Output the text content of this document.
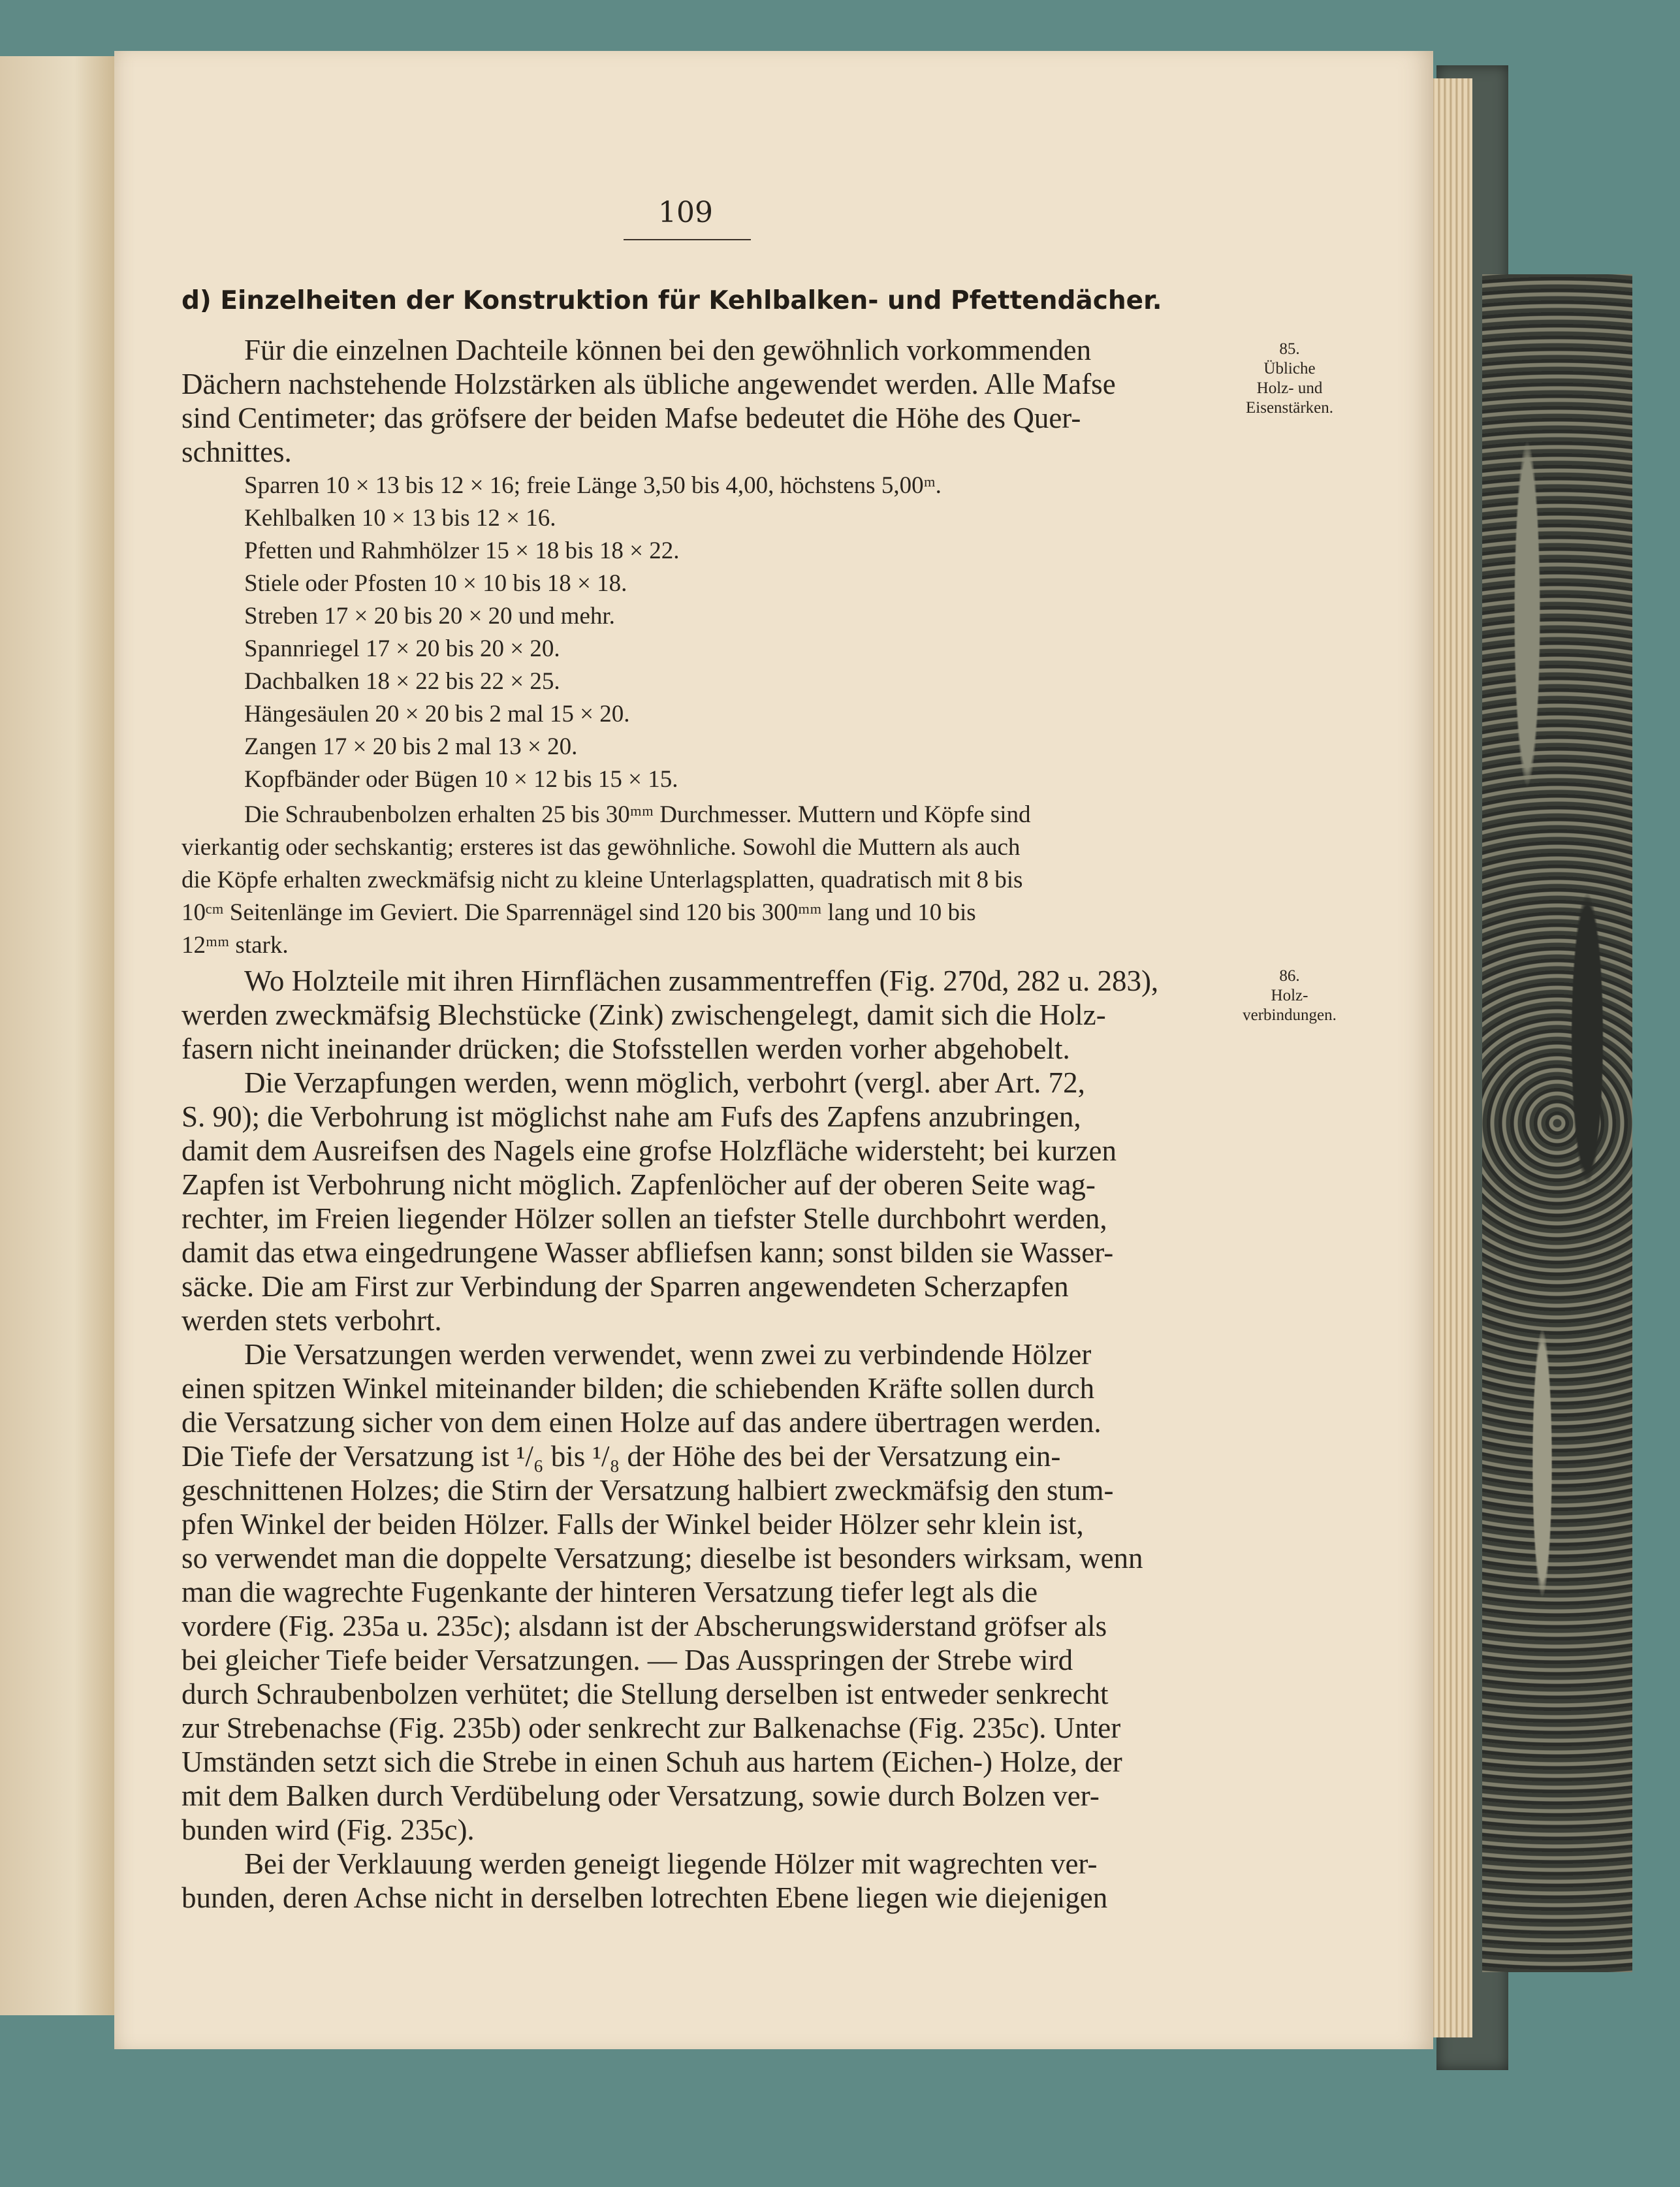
109
d) Einzelheiten der Konstruktion für Kehlbalken- und Pfettendächer.
85.
Übliche
Holz- und
Eisenstärken.
86.
Holz-
verbindungen.
Für die einzelnen Dachteile können bei den gewöhnlich vorkommenden
Dächern nachstehende Holzstärken als übliche angewendet werden. Alle Mafse
sind Centimeter; das gröfsere der beiden Mafse bedeutet die Höhe des Quer-
schnittes.
Sparren 10 × 13 bis 12 × 16; freie Länge 3,50 bis 4,00, höchstens 5,00ᵐ.
Kehlbalken 10 × 13 bis 12 × 16.
Pfetten und Rahmhölzer 15 × 18 bis 18 × 22.
Stiele oder Pfosten 10 × 10 bis 18 × 18.
Streben 17 × 20 bis 20 × 20 und mehr.
Spannriegel 17 × 20 bis 20 × 20.
Dachbalken 18 × 22 bis 22 × 25.
Hängesäulen 20 × 20 bis 2 mal 15 × 20.
Zangen 17 × 20 bis 2 mal 13 × 20.
Kopfbänder oder Bügen 10 × 12 bis 15 × 15.
Die Schraubenbolzen erhalten 25 bis 30ᵐᵐ Durchmesser. Muttern und Köpfe sind
vierkantig oder sechskantig; ersteres ist das gewöhnliche. Sowohl die Muttern als auch
die Köpfe erhalten zweckmäfsig nicht zu kleine Unterlagsplatten, quadratisch mit 8 bis
10ᶜᵐ Seitenlänge im Geviert. Die Sparrennägel sind 120 bis 300ᵐᵐ lang und 10 bis
12ᵐᵐ stark.
Wo Holzteile mit ihren Hirnflächen zusammentreffen (Fig. 270d, 282 u. 283),
werden zweckmäfsig Blechstücke (Zink) zwischengelegt, damit sich die Holz-
fasern nicht ineinander drücken; die Stofsstellen werden vorher abgehobelt.
Die Verzapfungen werden, wenn möglich, verbohrt (vergl. aber Art. 72,
S. 90); die Verbohrung ist möglichst nahe am Fufs des Zapfens anzubringen,
damit dem Ausreifsen des Nagels eine grofse Holzfläche widersteht; bei kurzen
Zapfen ist Verbohrung nicht möglich. Zapfenlöcher auf der oberen Seite wag-
rechter, im Freien liegender Hölzer sollen an tiefster Stelle durchbohrt werden,
damit das etwa eingedrungene Wasser abfliefsen kann; sonst bilden sie Wasser-
säcke. Die am First zur Verbindung der Sparren angewendeten Scherzapfen
werden stets verbohrt.
Die Versatzungen werden verwendet, wenn zwei zu verbindende Hölzer
einen spitzen Winkel miteinander bilden; die schiebenden Kräfte sollen durch
die Versatzung sicher von dem einen Holze auf das andere übertragen werden.
Die Tiefe der Versatzung ist ¹/₆ bis ¹/₈ der Höhe des bei der Versatzung ein-
geschnittenen Holzes; die Stirn der Versatzung halbiert zweckmäfsig den stum-
pfen Winkel der beiden Hölzer. Falls der Winkel beider Hölzer sehr klein ist,
so verwendet man die doppelte Versatzung; dieselbe ist besonders wirksam, wenn
man die wagrechte Fugenkante der hinteren Versatzung tiefer legt als die
vordere (Fig. 235a u. 235c); alsdann ist der Abscherungswiderstand gröfser als
bei gleicher Tiefe beider Versatzungen. — Das Ausspringen der Strebe wird
durch Schraubenbolzen verhütet; die Stellung derselben ist entweder senkrecht
zur Strebenachse (Fig. 235b) oder senkrecht zur Balkenachse (Fig. 235c). Unter
Umständen setzt sich die Strebe in einen Schuh aus hartem (Eichen-) Holze, der
mit dem Balken durch Verdübelung oder Versatzung, sowie durch Bolzen ver-
bunden wird (Fig. 235c).
Bei der Verklauung werden geneigt liegende Hölzer mit wagrechten ver-
bunden, deren Achse nicht in derselben lotrechten Ebene liegen wie diejenigen
